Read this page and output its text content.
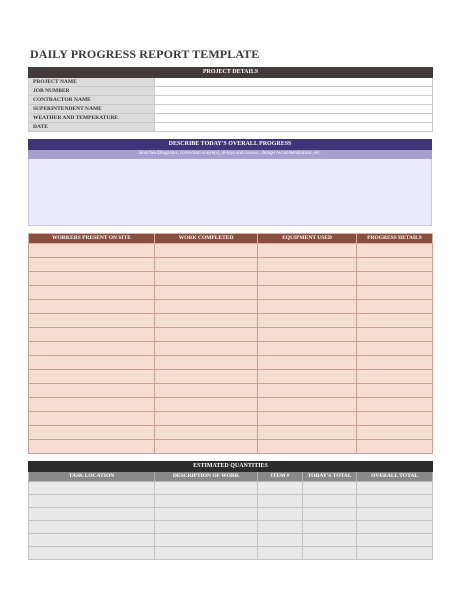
DAILY PROGRESS REPORT TEMPLATE
PROJECT DETAILS	
PROJECT NAME	
JOB NUMBER	
CONTRACTOR NAME	
SUPERINTENDENT NAME	
WEATHER AND TEMPERATURE	
DATE	
DESCRIBE TODAY'S OVERALL PROGRESS
Sketches/Diagrams, correction notice(s), delays and causes, change recommendations, etc.

WORKERS PRESENT ON SITE	WORK COMPLETED	EQUIPMENT USED	PROGRESS DETAILS

ESTIMATED QUANTITIES				
TASK LOCATION	DESCRIPTION OF WORK	ITEM #	TODAY'S TOTAL	OVERALL TOTAL
